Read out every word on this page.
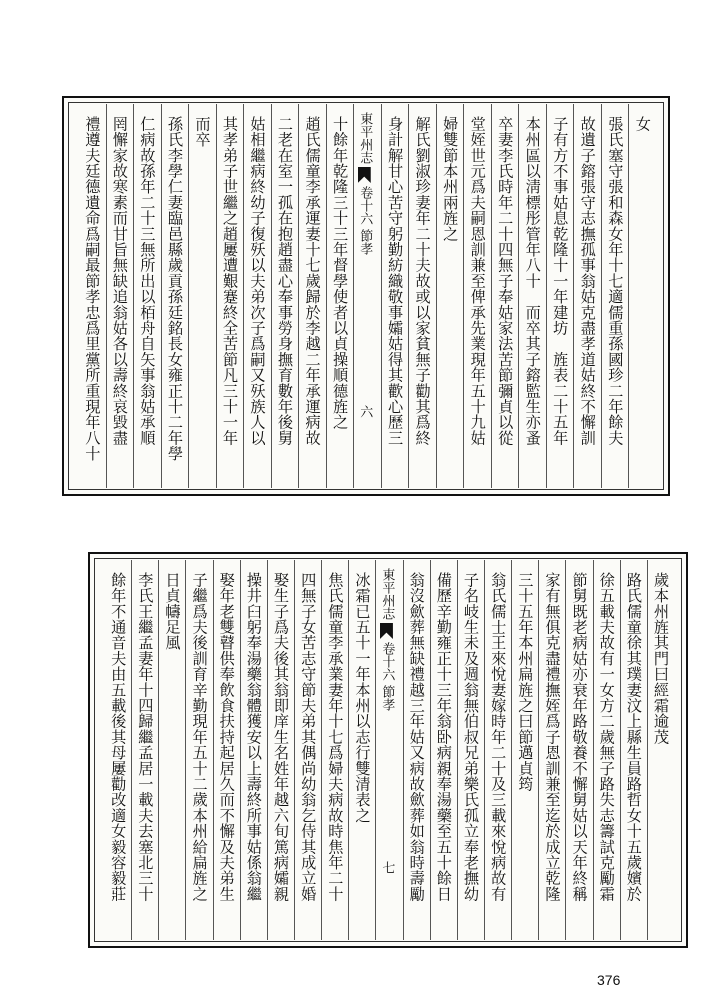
女
張氏塞守張和森女年十七適儒重孫國珍二年餘夫
故遺子鎔張守志撫孤事翁姑克盡孝道姑終不懈訓
子有方不事姑息乾隆十一年建坊　旌表二十五年
本州區以淸標彤管年八十　而卒其子鎔監生亦蚤
卒妻李氏時年二十四無子奉姑家法苦節彌貞以從
堂姪世元爲夫嗣恩訓兼至俾承先業現年五十九姑
婦雙節本州兩旌之
解氏劉淑珍妻年二十夫故或以家貧無子勸其爲終
身計解甘心苦守躬勤紡織敬事孀姑得其歡心歷三
東平州志卷十六節孝六
十餘年乾隆三十三年督學使者以貞操順德旌之
趙氏儒童李承運妻十七歲歸於李越二年承運病故
二老在室一孤在抱趙盡心奉事勞身撫育數年後舅
姑相繼病終幼子復殀以夫弟次子爲嗣又殀族人以
其孝弟子世繼之趙屢遭艱蹇終全苦節凡三十一年
而卒
孫氏李學仁妻臨邑縣歲貢孫廷銘長女雍正十二年學
仁病故孫年二十三無所出以栢舟自矢事翁姑承順
罔懈家故寒素而甘旨無缺追翁姑各以壽終哀毀盡
禮遵夫廷德遺命爲嗣最節孝忠爲里黨所重現年八十
歲本州旌其門曰經霜逾茂
路氏儒童徐其璞妻汶上縣生員路哲女十五歲嬪於
徐五載夫故有一女方二歲無子路失志籌試克勵霜
節舅既老病姑亦衰年路敬養不懈舅姑以天年終稱
家有無俱克盡禮撫姪爲子恩訓兼至迄於成立乾隆
三十五年本州扁旌之曰節邁貞筠
翁氏儒士王來悅妻嫁時年二十及三載來悅病故有
子名岐生未及週翁無伯叔兄弟樂氏孤立奉老撫幼
備歷辛勤雍正十三年翁卧病親奉湯藥至五十餘日
翁沒歛葬無缺禮越三年姑又病故歛葬如翁時壽勵
東平州志卷十六節孝七
冰霜已五十一年本州以志行雙清表之
焦氏儒童李承業妻年十七爲婦夫病故時焦年二十
四無子女苦志守節夫弟其偶尚幼翁乞侍其成立婚
娶生子爲夫後其翁即庠生名姓年越六旬篤病孀親
操井臼躬奉湯藥翁體獲安以上壽終所事姑係翁繼
娶年老雙瞽供奉飲食扶持起居久而不懈及夫弟生
子繼爲夫後訓育辛勤現年五十二歲本州給扁旌之
日貞幬足風
李氏王繼孟妻年十四歸繼孟居一載夫去塞北三十
餘年不通音夫由五載後其母屢勸改適女毅容毅莊
376
